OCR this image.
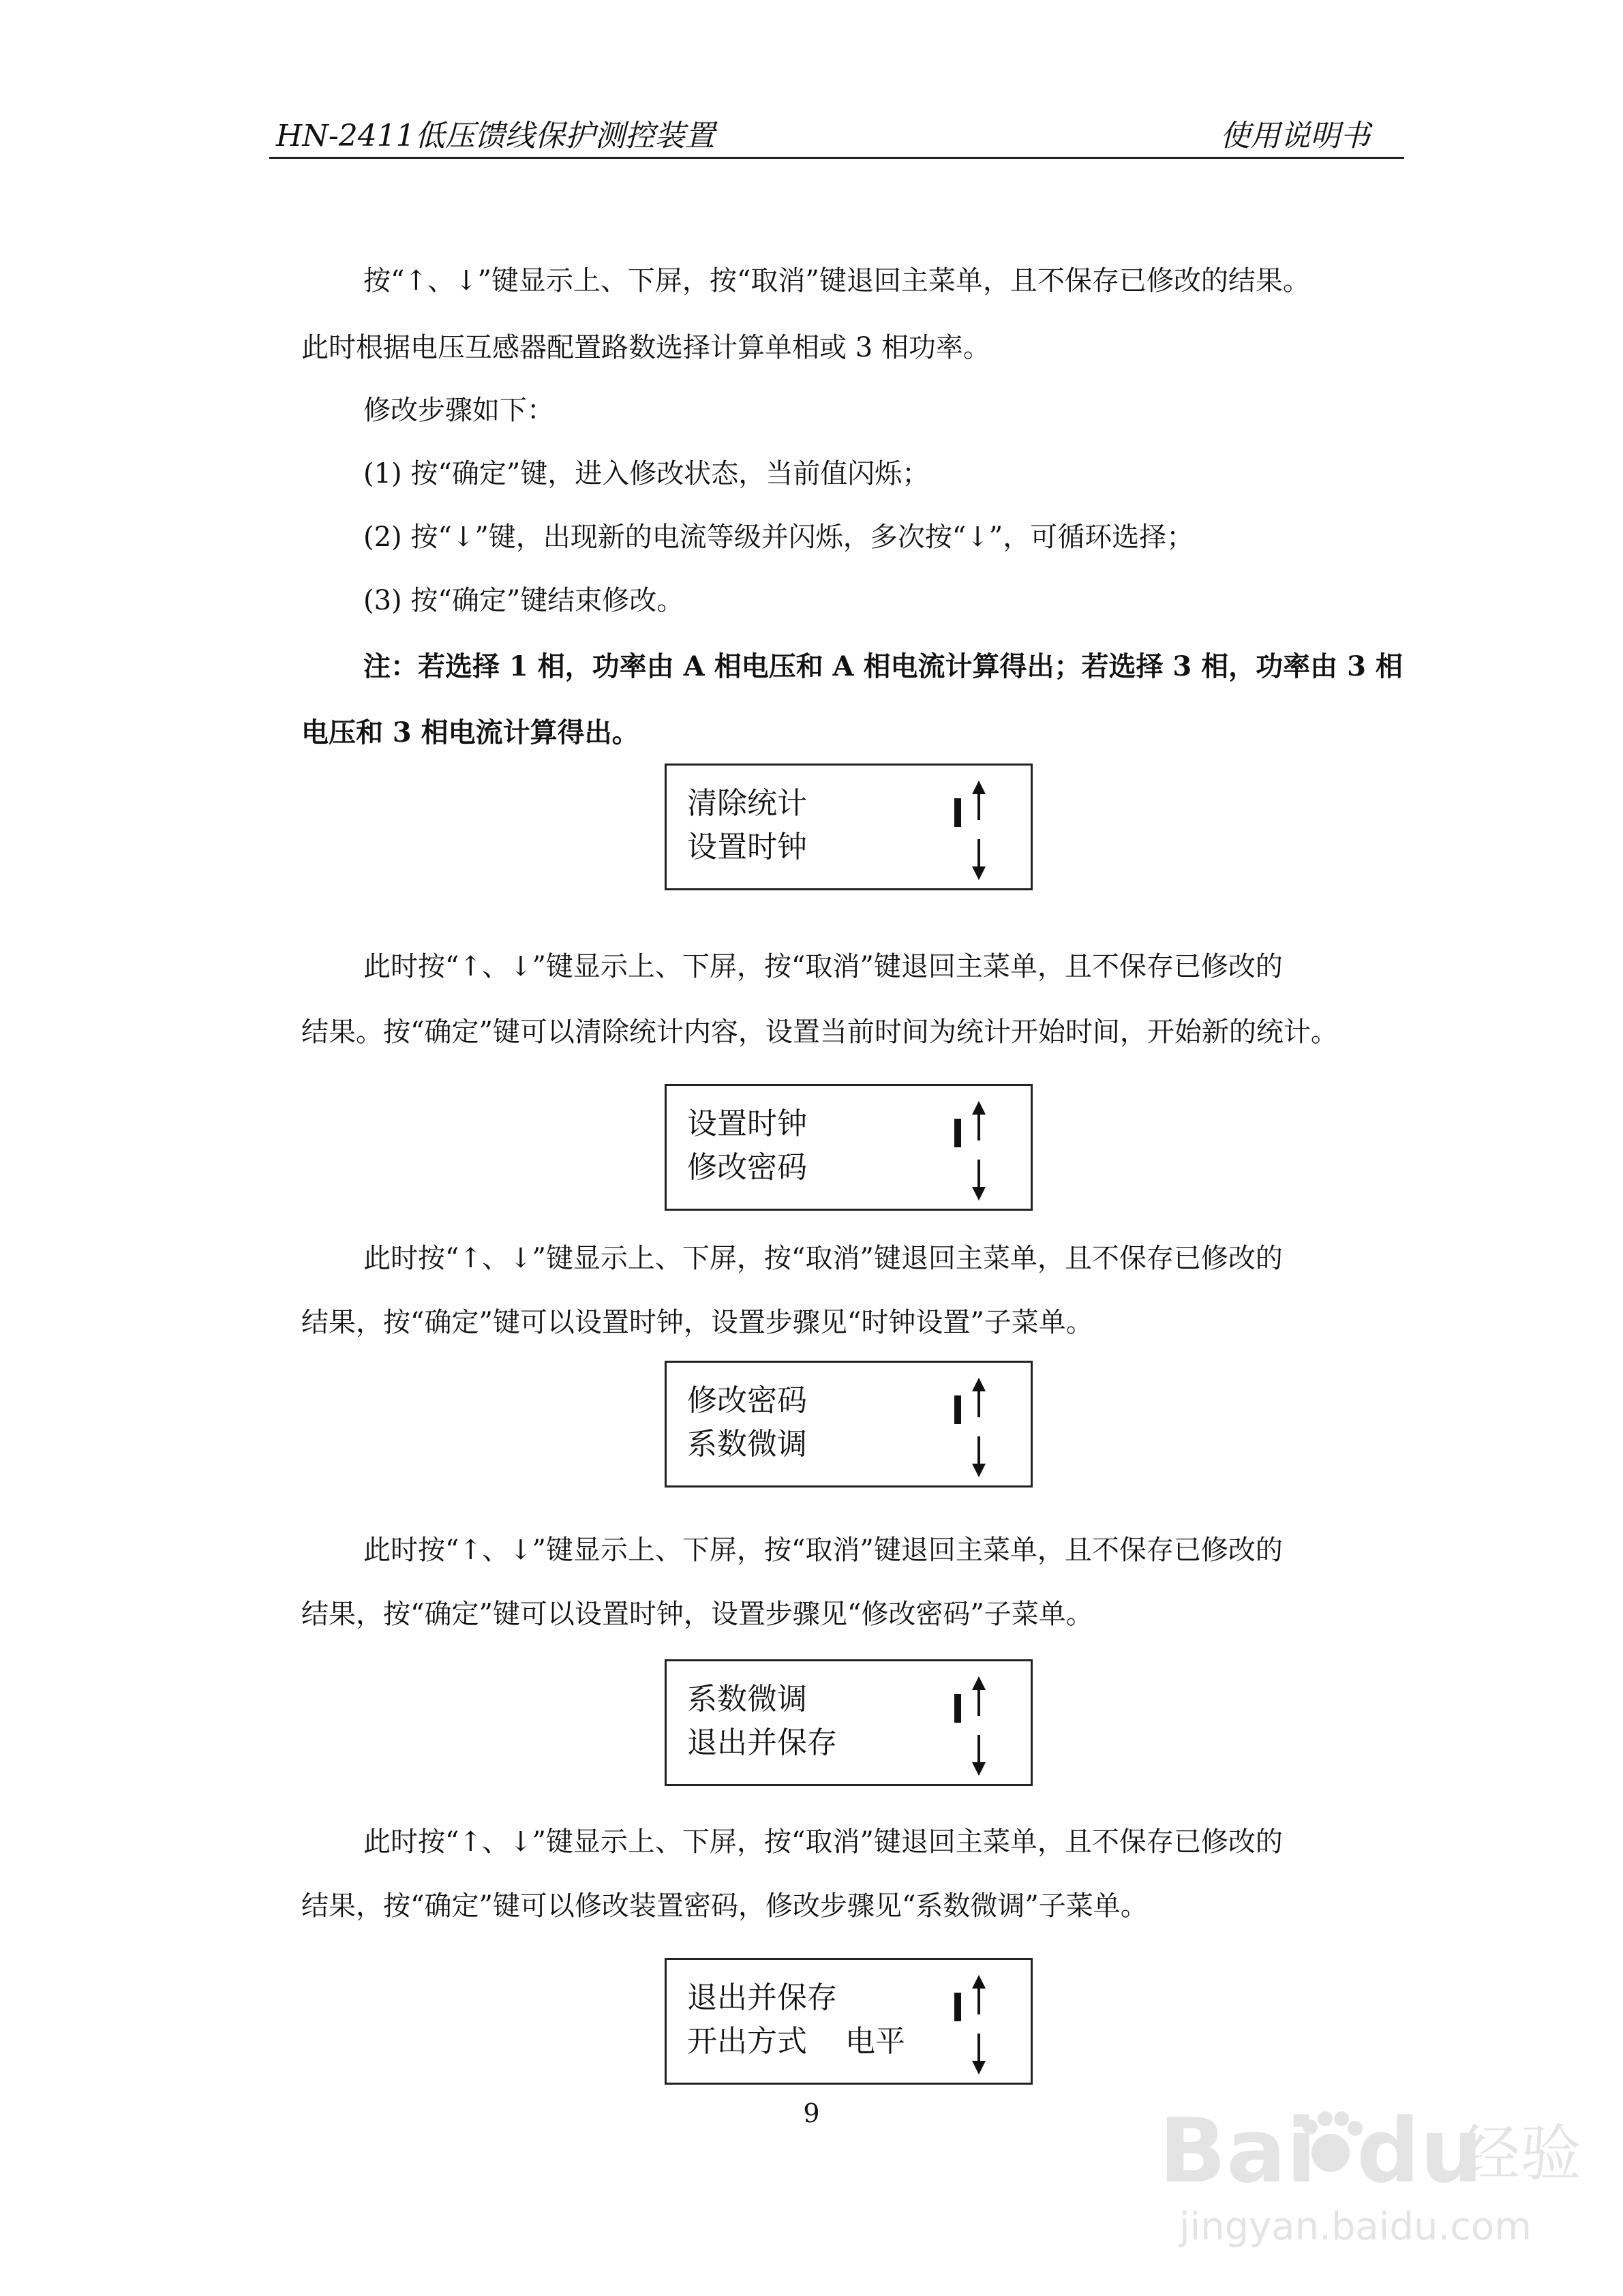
HN-2411低压馈线保护测控装置	使用说明书

按“↑、↓”键显示上、下屏，按“取消”键退回主菜单，且不保存已修改的结果。

此时根据电压互感器配置路数选择计算单相或 3 相功率。

修改步骤如下：

(1) 按“确定”键，进入修改状态，当前值闪烁；

(2) 按“↓”键，出现新的电流等级并闪烁，多次按“↓”，可循环选择；

(3) 按“确定”键结束修改。

注：若选择 1 相，功率由 A 相电压和 A 相电流计算得出；若选择 3 相，功率由 3 相

电压和 3 相电流计算得出。

清除统计
设置时钟

此时按“↑、↓”键显示上、下屏，按“取消”键退回主菜单，且不保存已修改的

结果。按“确定”键可以清除统计内容，设置当前时间为统计开始时间，开始新的统计。

设置时钟
修改密码

此时按“↑、↓”键显示上、下屏，按“取消”键退回主菜单，且不保存已修改的

结果，按“确定”键可以设置时钟，设置步骤见“时钟设置”子菜单。

修改密码
系数微调

此时按“↑、↓”键显示上、下屏，按“取消”键退回主菜单，且不保存已修改的

结果，按“确定”键可以设置时钟，设置步骤见“修改密码”子菜单。

系数微调
退出并保存

此时按“↑、↓”键显示上、下屏，按“取消”键退回主菜单，且不保存已修改的

结果，按“确定”键可以修改装置密码，修改步骤见“系数微调”子菜单。

退出并保存
开出方式    电平
9	Bai du
经验
jingyan.baidu.com
